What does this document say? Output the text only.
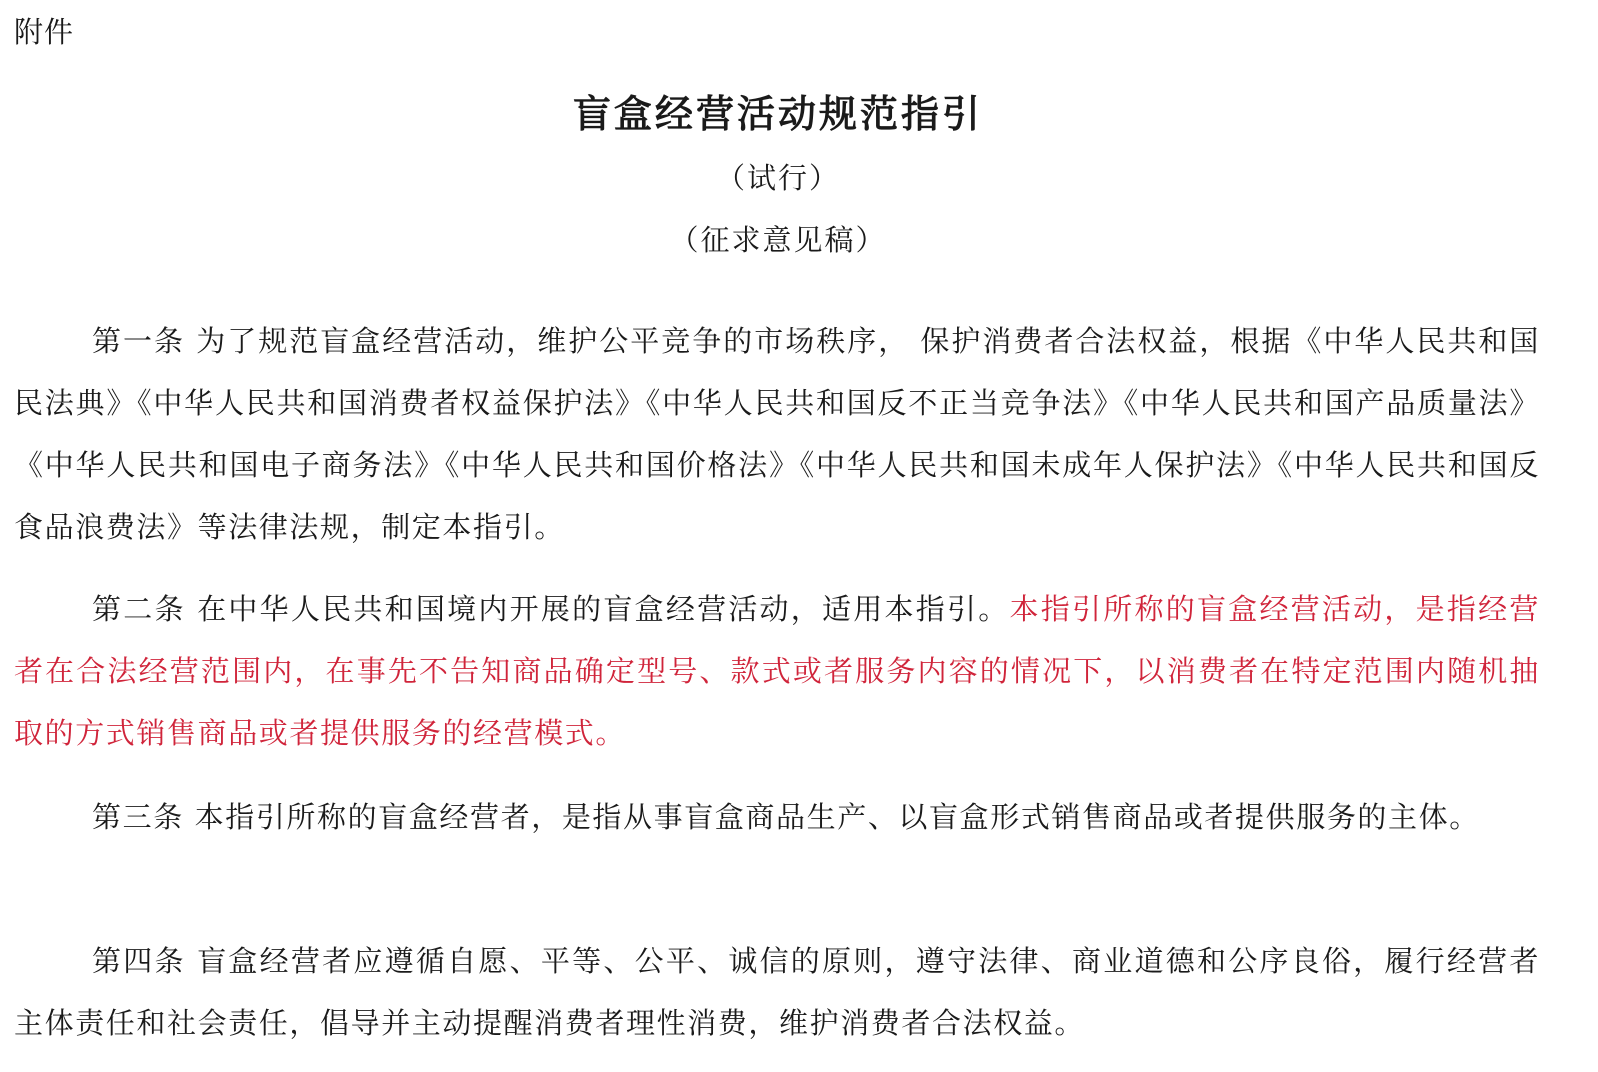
附件
盲盒经营活动规范指引
（试行）
（征求意见稿）

第一条 为了规范盲盒经营活动，维护公平竞争的市场秩序， 保护消费者合法权益，根据《中华人民共和国民法典》《中华人民共和国消费者权益保护法》《中华人民共和国反不正当竞争法》《中华人民共和国产品质量法》《中华人民共和国电子商务法》《中华人民共和国价格法》《中华人民共和国未成年人保护法》《中华人民共和国反食品浪费法》等法律法规，制定本指引。

第二条 在中华人民共和国境内开展的盲盒经营活动，适用本指引。本指引所称的盲盒经营活动，是指经营者在合法经营范围内，在事先不告知商品确定型号、款式或者服务内容的情况下，以消费者在特定范围内随机抽取的方式销售商品或者提供服务的经营模式。

第三条 本指引所称的盲盒经营者，是指从事盲盒商品生产、以盲盒形式销售商品或者提供服务的主体。

第四条 盲盒经营者应遵循自愿、平等、公平、诚信的原则，遵守法律、商业道德和公序良俗，履行经营者主体责任和社会责任，倡导并主动提醒消费者理性消费，维护消费者合法权益。
